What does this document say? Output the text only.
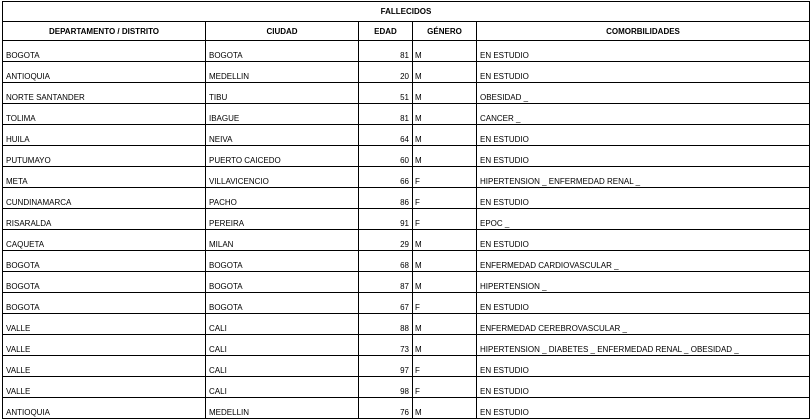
FALLECIDOS				
DEPARTAMENTO / DISTRITO	CIUDAD	EDAD	GÉNERO	COMORBILIDADES
BOGOTA	BOGOTA	81	M	EN ESTUDIO
ANTIOQUIA	MEDELLIN	20	M	EN ESTUDIO
NORTE SANTANDER	TIBU	51	M	OBESIDAD _
TOLIMA	IBAGUE	81	M	CANCER _
HUILA	NEIVA	64	M	EN ESTUDIO
PUTUMAYO	PUERTO CAICEDO	60	M	EN ESTUDIO
META	VILLAVICENCIO	66	F	HIPERTENSION _ ENFERMEDAD RENAL _
CUNDINAMARCA	PACHO	86	F	EN ESTUDIO
RISARALDA	PEREIRA	91	F	EPOC _
CAQUETA	MILAN	29	M	EN ESTUDIO
BOGOTA	BOGOTA	68	M	ENFERMEDAD CARDIOVASCULAR _
BOGOTA	BOGOTA	87	M	HIPERTENSION _
BOGOTA	BOGOTA	67	F	EN ESTUDIO
VALLE	CALI	88	M	ENFERMEDAD CEREBROVASCULAR _
VALLE	CALI	73	M	HIPERTENSION _ DIABETES _ ENFERMEDAD RENAL _ OBESIDAD _
VALLE	CALI	97	F	EN ESTUDIO
VALLE	CALI	98	F	EN ESTUDIO
ANTIOQUIA	MEDELLIN	76	M	EN ESTUDIO
